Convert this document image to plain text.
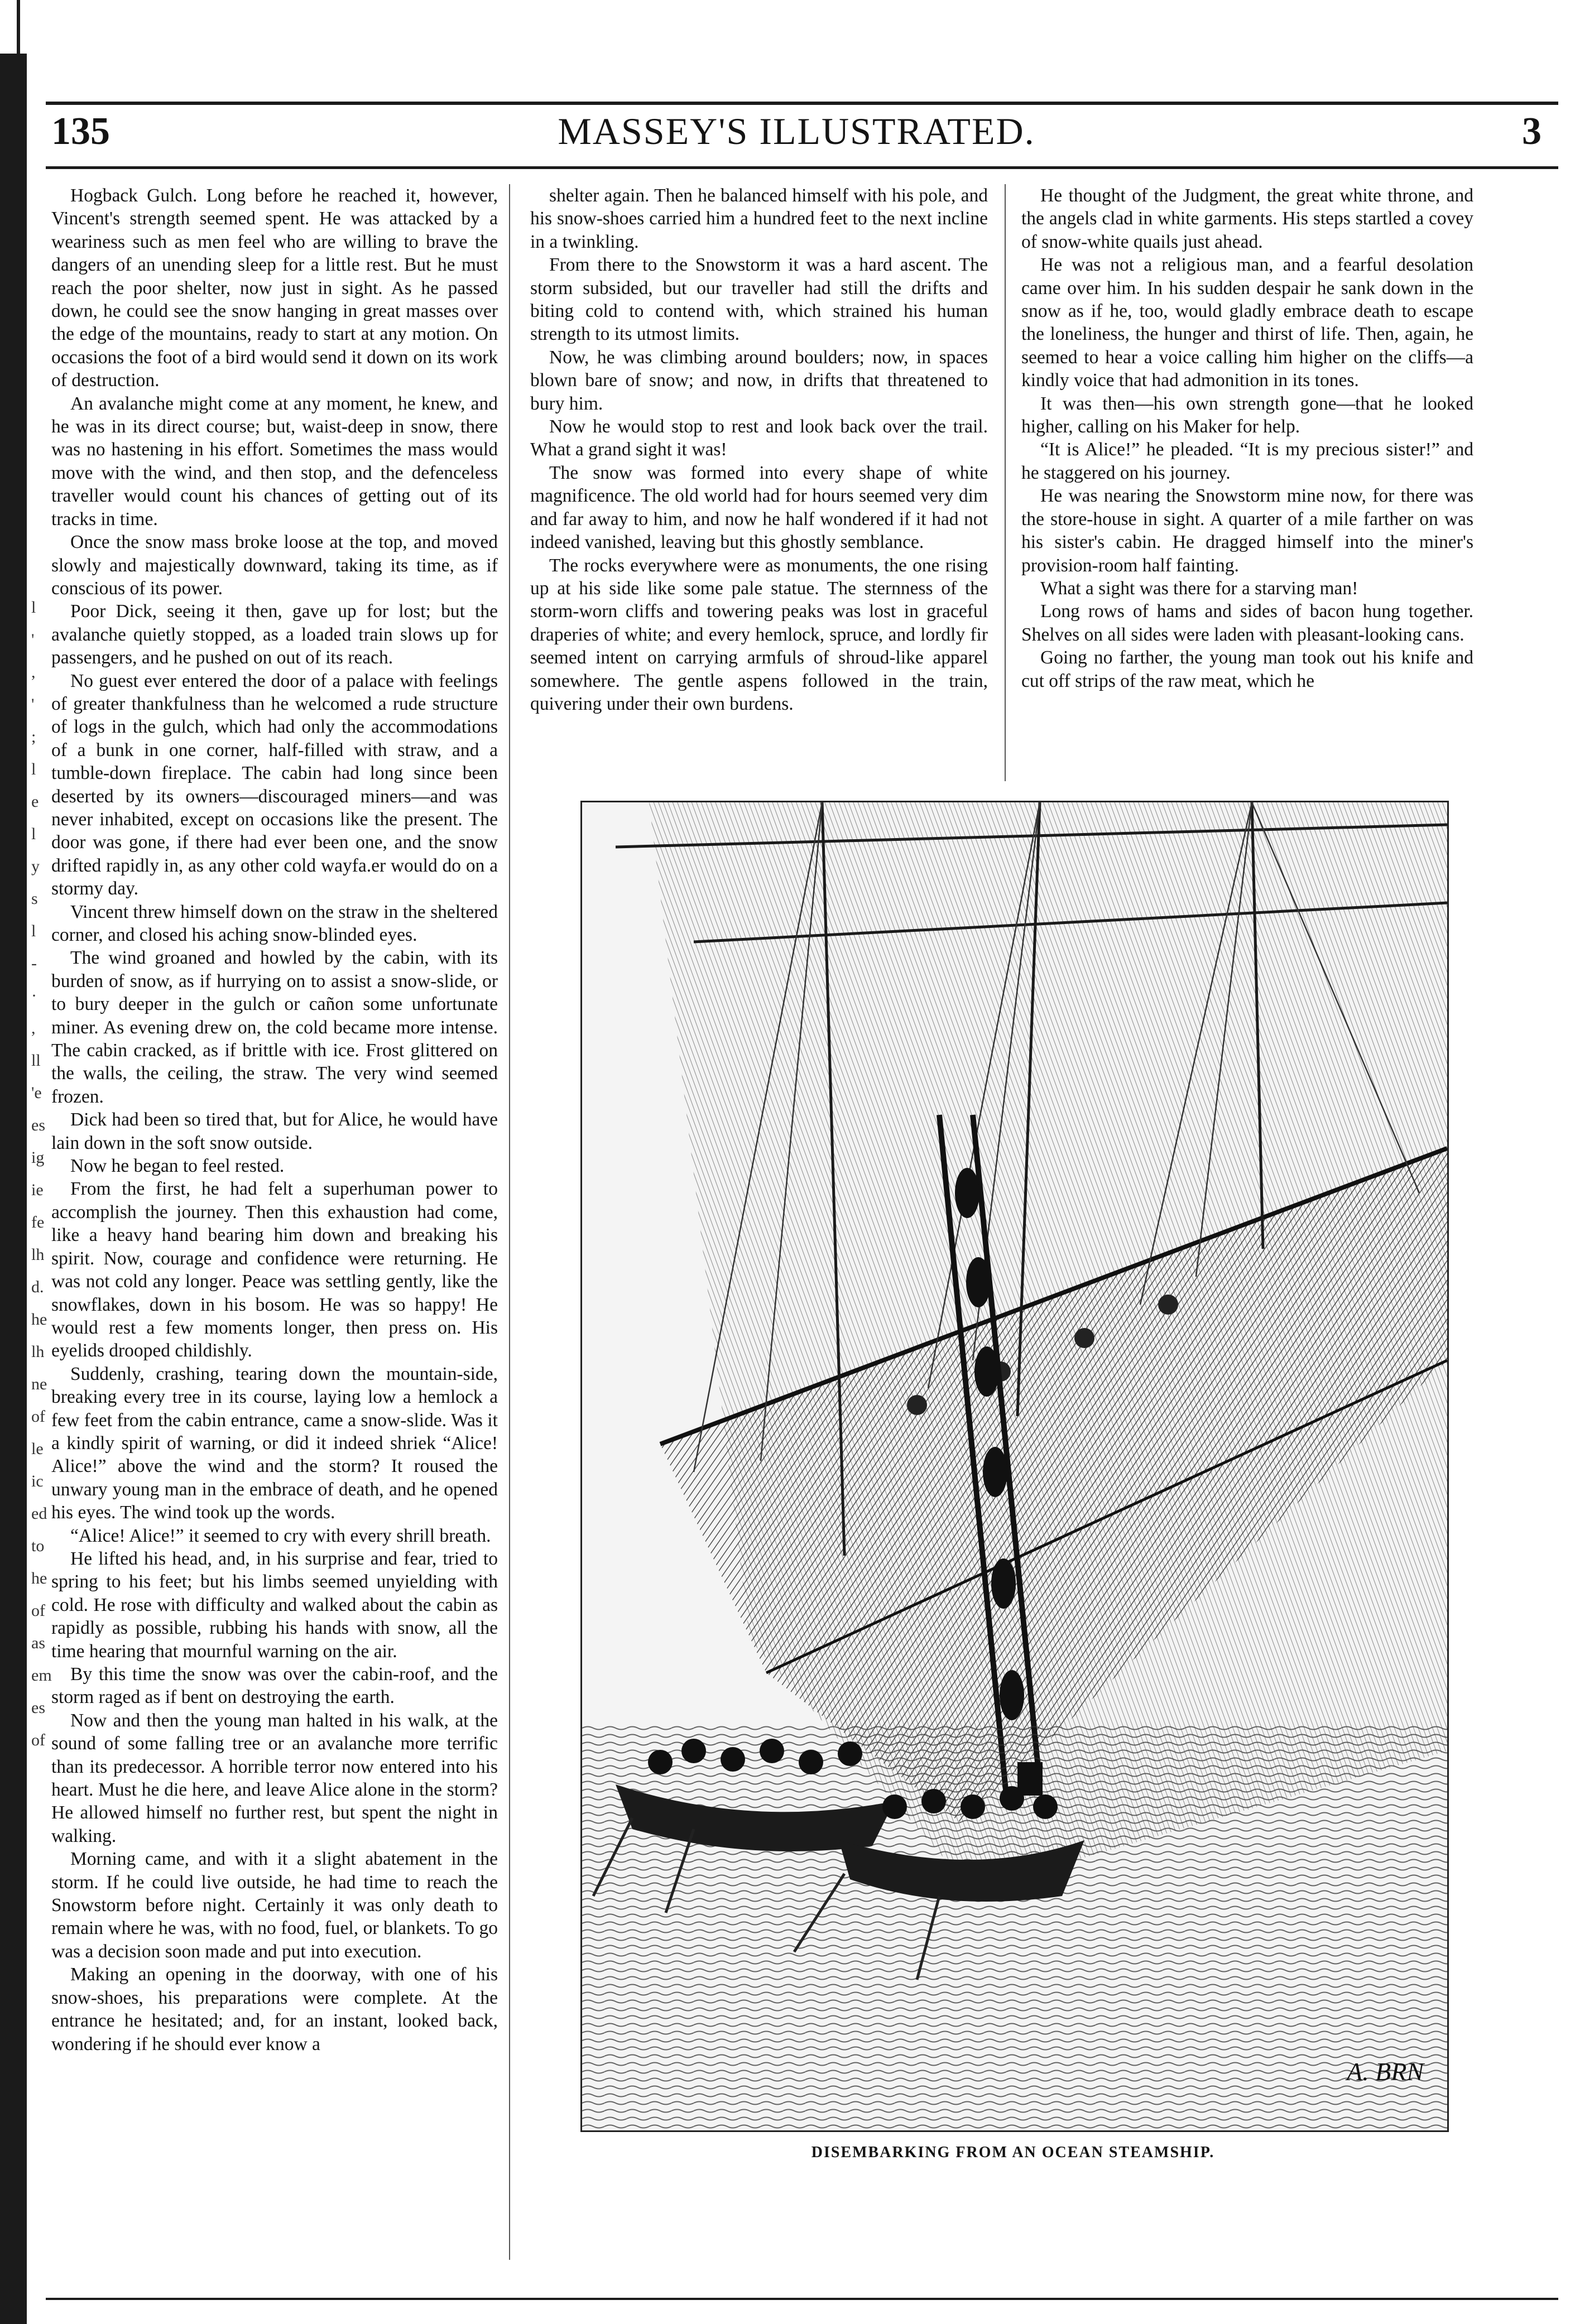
l
'
,
'
;
l
e
l
y
s
l
-
·
,
ll
'e
es
ig
ie
fe
lh
d.
he
lh
ne
of
le
ic
ed
to
he
of
as
em
es
of
135	MASSEY'S ILLUSTRATED.	3

Hogback Gulch. Long before he reached it, however, Vincent's strength seemed spent. He was attacked by a weariness such as men feel who are willing to brave the dangers of an unending sleep for a little rest. But he must reach the poor shelter, now just in sight. As he passed down, he could see the snow hanging in great masses over the edge of the mountains, ready to start at any motion. On occasions the foot of a bird would send it down on its work of destruction.

An avalanche might come at any moment, he knew, and he was in its direct course; but, waist-deep in snow, there was no hastening in his effort. Sometimes the mass would move with the wind, and then stop, and the defenceless traveller would count his chances of getting out of its tracks in time.

Once the snow mass broke loose at the top, and moved slowly and majestically downward, taking its time, as if conscious of its power.

Poor Dick, seeing it then, gave up for lost; but the avalanche quietly stopped, as a loaded train slows up for passengers, and he pushed on out of its reach.

No guest ever entered the door of a palace with feelings of greater thankfulness than he welcomed a rude structure of logs in the gulch, which had only the accommodations of a bunk in one corner, half-filled with straw, and a tumble-down fireplace. The cabin had long since been deserted by its owners—discouraged miners—and was never inhabited, except on occasions like the present. The door was gone, if there had ever been one, and the snow drifted rapidly in, as any other cold wayfa.er would do on a stormy day.

Vincent threw himself down on the straw in the sheltered corner, and closed his aching snow-blinded eyes.

The wind groaned and howled by the cabin, with its burden of snow, as if hurrying on to assist a snow-slide, or to bury deeper in the gulch or cañon some unfortunate miner. As evening drew on, the cold became more intense. The cabin cracked, as if brittle with ice. Frost glittered on the walls, the ceiling, the straw. The very wind seemed frozen.

Dick had been so tired that, but for Alice, he would have lain down in the soft snow outside.

Now he began to feel rested.

From the first, he had felt a superhuman power to accomplish the journey. Then this exhaustion had come, like a heavy hand bearing him down and breaking his spirit. Now, courage and confidence were returning. He was not cold any longer. Peace was settling gently, like the snowflakes, down in his bosom. He was so happy! He would rest a few moments longer, then press on. His eyelids drooped childishly.

Suddenly, crashing, tearing down the mountain-side, breaking every tree in its course, laying low a hemlock a few feet from the cabin entrance, came a snow-slide. Was it a kindly spirit of warning, or did it indeed shriek “Alice! Alice!” above the wind and the storm? It roused the unwary young man in the embrace of death, and he opened his eyes. The wind took up the words.

“Alice! Alice!” it seemed to cry with every shrill breath.

He lifted his head, and, in his surprise and fear, tried to spring to his feet; but his limbs seemed unyielding with cold. He rose with difficulty and walked about the cabin as rapidly as possible, rubbing his hands with snow, all the time hearing that mournful warning on the air.

By this time the snow was over the cabin-roof, and the storm raged as if bent on destroying the earth.

Now and then the young man halted in his walk, at the sound of some falling tree or an avalanche more terrific than its predecessor. A horrible terror now entered into his heart. Must he die here, and leave Alice alone in the storm? He allowed himself no further rest, but spent the night in walking.

Morning came, and with it a slight abatement in the storm. If he could live outside, he had time to reach the Snowstorm before night. Certainly it was only death to remain where he was, with no food, fuel, or blankets. To go was a decision soon made and put into execution.

Making an opening in the doorway, with one of his snow-shoes, his preparations were complete. At the entrance he hesitated; and, for an instant, looked back, wondering if he should ever know a

shelter again. Then he balanced himself with his pole, and his snow-shoes carried him a hundred feet to the next incline in a twinkling.

From there to the Snowstorm it was a hard ascent. The storm subsided, but our traveller had still the drifts and biting cold to contend with, which strained his human strength to its utmost limits.

Now, he was climbing around boulders; now, in spaces blown bare of snow; and now, in drifts that threatened to bury him.

Now he would stop to rest and look back over the trail. What a grand sight it was!

The snow was formed into every shape of white magnificence. The old world had for hours seemed very dim and far away to him, and now he half wondered if it had not indeed vanished, leaving but this ghostly semblance.

The rocks everywhere were as monuments, the one rising up at his side like some pale statue. The sternness of the storm-worn cliffs and towering peaks was lost in graceful draperies of white; and every hemlock, spruce, and lordly fir seemed intent on carrying armfuls of shroud-like apparel somewhere. The gentle aspens followed in the train, quivering under their own burdens.

He thought of the Judgment, the great white throne, and the angels clad in white garments. His steps startled a covey of snow-white quails just ahead.

He was not a religious man, and a fearful desolation came over him. In his sudden despair he sank down in the snow as if he, too, would gladly embrace death to escape the loneliness, the hunger and thirst of life. Then, again, he seemed to hear a voice calling him higher on the cliffs—a kindly voice that had admonition in its tones.

It was then—his own strength gone—that he looked higher, calling on his Maker for help.

“It is Alice!” he pleaded. “It is my precious sister!” and he staggered on his journey.

He was nearing the Snowstorm mine now, for there was the store-house in sight. A quarter of a mile farther on was his sister's cabin. He dragged himself into the miner's provision-room half fainting.

What a sight was there for a starving man!

Long rows of hams and sides of bacon hung together. Shelves on all sides were laden with pleasant-looking cans.

Going no farther, the young man took out his knife and cut off strips of the raw meat, which he

A. BRN
DISEMBARKING FROM AN OCEAN STEAMSHIP.
